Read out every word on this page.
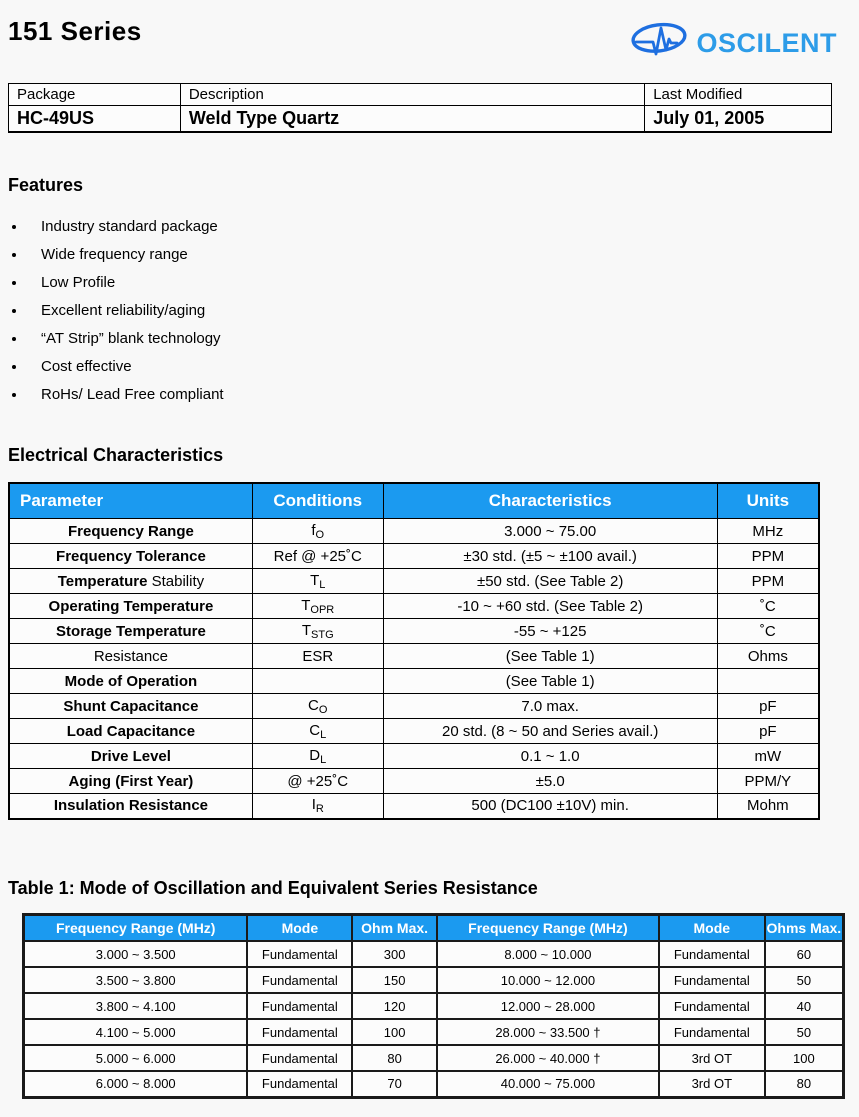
151 Series	OSCILENT
Package	Description	Last Modified
HC-49US	Weld Type Quartz	July 01, 2005
Features
• Industry standard package
• Wide frequency range
• Low Profile
• Excellent reliability/aging
• “AT Strip” blank technology
• Cost effective
• RoHs/ Lead Free compliant
Electrical Characteristics
Parameter	Conditions	Characteristics	Units
Frequency Range	$f_O$	3.000 ~ 75.00	MHz
Frequency Tolerance	Ref @ +25˚C	±30 std. (±5 ~ ±100 avail.)	PPM
Temperature Stability	$T_L$	±50 std. (See Table 2)	PPM
Operating Temperature	$T_{OPR}$	-10 ~ +60 std. (See Table 2)	˚C
Storage Temperature	$T_{STG}$	-55 ~ +125	˚C
Resistance	ESR	(See Table 1)	Ohms
Mode of Operation		(See Table 1)	
Shunt Capacitance	$C_O$	7.0 max.	pF
Load Capacitance	$C_L$	20 std. (8 ~ 50 and Series avail.)	pF
Drive Level	$D_L$	0.1 ~ 1.0	mW
Aging (First Year)	@ +25˚C	±5.0	PPM/Y
Insulation Resistance	$I_R$	500 (DC100 ±10V) min.	Mohm
Table 1: Mode of Oscillation and Equivalent Series Resistance
Frequency Range (MHz)	Mode	Ohm Max.	Frequency Range (MHz)	Mode	Ohms Max.
3.000 ~ 3.500	Fundamental	300	8.000 ~ 10.000	Fundamental	60
3.500 ~ 3.800	Fundamental	150	10.000 ~ 12.000	Fundamental	50
3.800 ~ 4.100	Fundamental	120	12.000 ~ 28.000	Fundamental	40
4.100 ~ 5.000	Fundamental	100	28.000 ~ 33.500 †	Fundamental	50
5.000 ~ 6.000	Fundamental	80	26.000 ~ 40.000 †	3rd OT	100
6.000 ~ 8.000	Fundamental	70	40.000 ~ 75.000	3rd OT	80
